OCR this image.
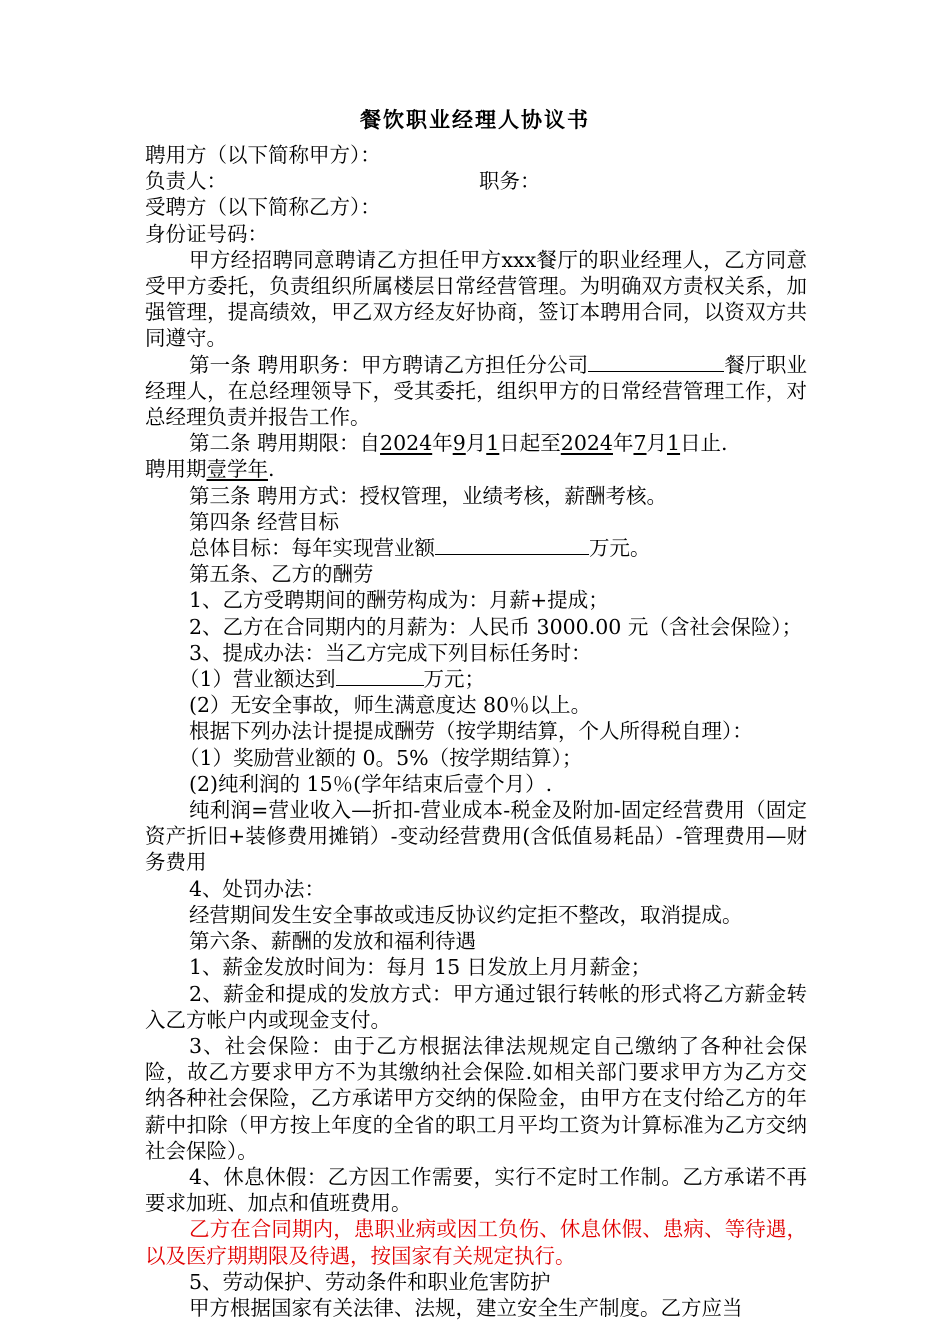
餐饮职业经理人协议书

聘用方（以下简称甲方）：

负责人：	职务：

受聘方（以下简称乙方）：

身份证号码：

甲方经招聘同意聘请乙方担任甲方xxx餐厅的职业经理人，乙方同意受甲方委托，负责组织所属楼层日常经营管理。为明确双方责权关系，加强管理，提高绩效，甲乙双方经友好协商，签订本聘用合同，以资双方共同遵守。

第一条 聘用职务：甲方聘请乙方担任分公司	餐厅职业经理人，在总经理领导下，受其委托，组织甲方的日常经营管理工作，对总经理负责并报告工作。

第二条 聘用期限：自2024年9月1日起至2024年7月1日止.

聘用期壹学年.

第三条 聘用方式：授权管理，业绩考核，薪酬考核。

第四条 经营目标

总体目标：每年实现营业额	万元。

第五条、乙方的酬劳

1、乙方受聘期间的酬劳构成为：月薪+提成；

2、乙方在合同期内的月薪为：人民币 3000.00 元（含社会保险）；

3、提成办法：当乙方完成下列目标任务时：

（1）营业额达到	万元；

(2）无安全事故，师生满意度达 80％以上。

根据下列办法计提提成酬劳（按学期结算，个人所得税自理）：

（1）奖励营业额的 0。5%（按学期结算）；

(2)纯利润的 15％(学年结束后壹个月）.

纯利润=营业收入—折扣-营业成本-税金及附加-固定经营费用（固定资产折旧+装修费用摊销）-变动经营费用(含低值易耗品）-管理费用—财务费用

4、处罚办法：

经营期间发生安全事故或违反协议约定拒不整改，取消提成。

第六条、薪酬的发放和福利待遇

1、薪金发放时间为：每月 15 日发放上月月薪金；

2、薪金和提成的发放方式：甲方通过银行转帐的形式将乙方薪金转入乙方帐户内或现金支付。

3、社会保险：由于乙方根据法律法规规定自己缴纳了各种社会保险，故乙方要求甲方不为其缴纳社会保险.如相关部门要求甲方为乙方交纳各种社会保险，乙方承诺甲方交纳的保险金，由甲方在支付给乙方的年薪中扣除（甲方按上年度的全省的职工月平均工资为计算标准为乙方交纳社会保险）。

4、休息休假：乙方因工作需要，实行不定时工作制。乙方承诺不再要求加班、加点和值班费用。

乙方在合同期内，患职业病或因工负伤、休息休假、患病、等待遇，以及医疗期期限及待遇，按国家有关规定执行。

5、劳动保护、劳动条件和职业危害防护

甲方根据国家有关法律、法规，建立安全生产制度。乙方应当
